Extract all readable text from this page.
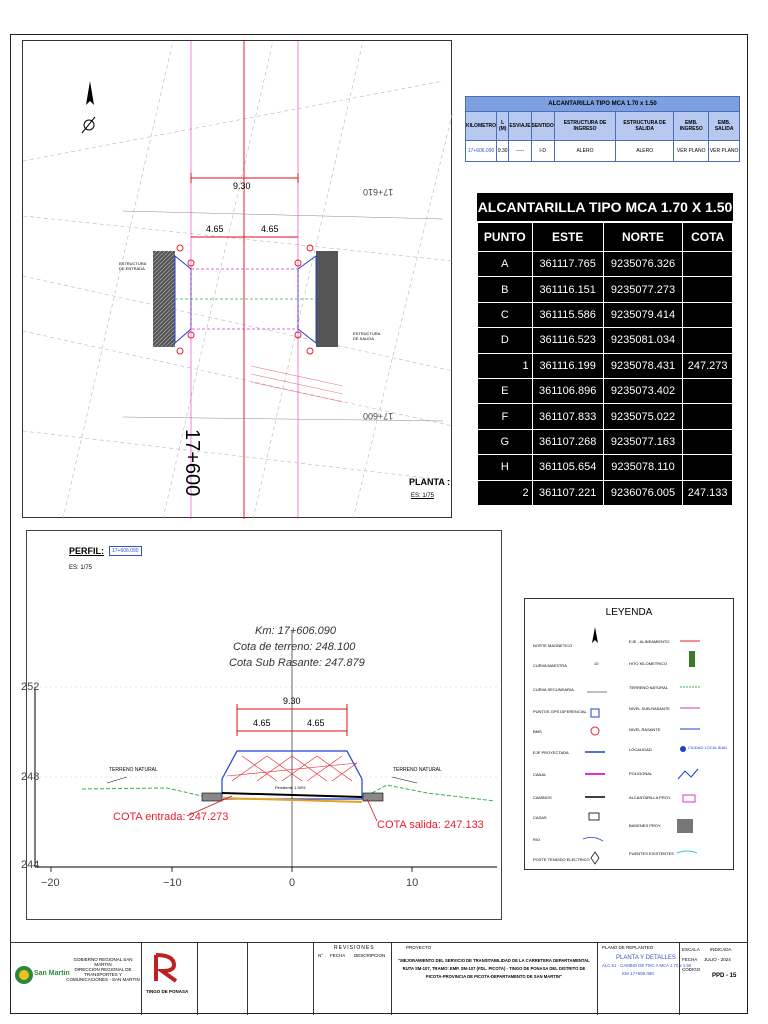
9.30
4.65	4.65
17+610
17+600
17+600
ESTRUCTURA DE ENTRADA
ESTRUCTURA DE SALIDA
PLANTA :
ES: 1/75
ALCANTARILLA TIPO MCA 1.70 x 1.50							
KILOMETRO	L (M)	ESVIAJE	SENTIDO	ESTRUCTURA DE INGRESO	ESTRUCTURA DE SALIDA	EMB. INGRESO	EMB. SALIDA
17+606.090	9.30	-----	I-D	ALERO	ALERO	VER PLANO	VER PLANO
ALCANTARILLA TIPO MCA 1.70 X 1.50
PUNTO	ESTE	NORTE	COTA
A	361117.765	9235076.326	
B	361116.151	9235077.273	
C	361115.586	9235079.414	
D	361116.523	9235081.034	
1	361116.199	9235078.431	247.273
E	361106.896	9235073.402	
F	361107.833	9235075.022	
G	361107.268	9235077.163	
H	361105.654	9235078.110	
2	361107.221	9236076.005	247.133
PERFIL:	17+606.090
ES: 1/75
Km: 17+606.090
Cota de terreno: 248.100
Cota Sub Rasante: 247.879
9.30
4.65	4.65
TERRENO NATURAL	TERRENO NATURAL
Pendiente 1.50%
COTA entrada: 247.273
COTA salida: 247.133
252
248
244
−20	−10	0	10
LEYENDA
NORTE MAGNETICO
CURVA MAESTRA	10
CURVA SECUNDARIA
PUNTOS GPS DIFERENCIAL
BMS
EJE PROYECTADA
CANAL
CAMINOS
CASAS
RIO
POSTE TENDIDO ELECTRICO
EJE - ALINEAMIENTO
HITO KILOMETRICO
TERRENO NATURAL
NIVEL SUB-RASANTE
NIVEL RASANTE
LOCALIDAD	CIUDAD LOCALIDAD
POLIGONAL
ALCANTARILLA PROY.
BADENES PROY.
PUENTES EXISTENTES
San Martin
GOBIERNO REGIONAL SAN MARTIN
DIRECCION REGIONAL DE TRANSPORTES Y COMUNICACIONES - SAN MARTIN
TINGO DE PONASA
REVISIONES
N° FECHA DESCRIPCION
PROYECTO
"MEJORAMIENTO DEL SERVICIO DE TRANSITABILIDAD DE LA CARRETERA DEPARTAMENTAL RUTA SM-107, TRAMO: EMP. SM-107 (FDL. PICOTA) - TINGO DE PONASA DEL DISTRITO DE PICOTA-PROVINCIA DE PICOTA-DEPARTAMENTO DE SAN MARTIN"
PLANO DE REPLANTEO
PLANTA Y DETALLES
ALC 51 - CAMBIO DE TMC A MCA 1.70 x 1.50
KM 17+606.090
ESCALA INDICADA
FECHA JULIO - 2024
CODIGO
PPD - 15
